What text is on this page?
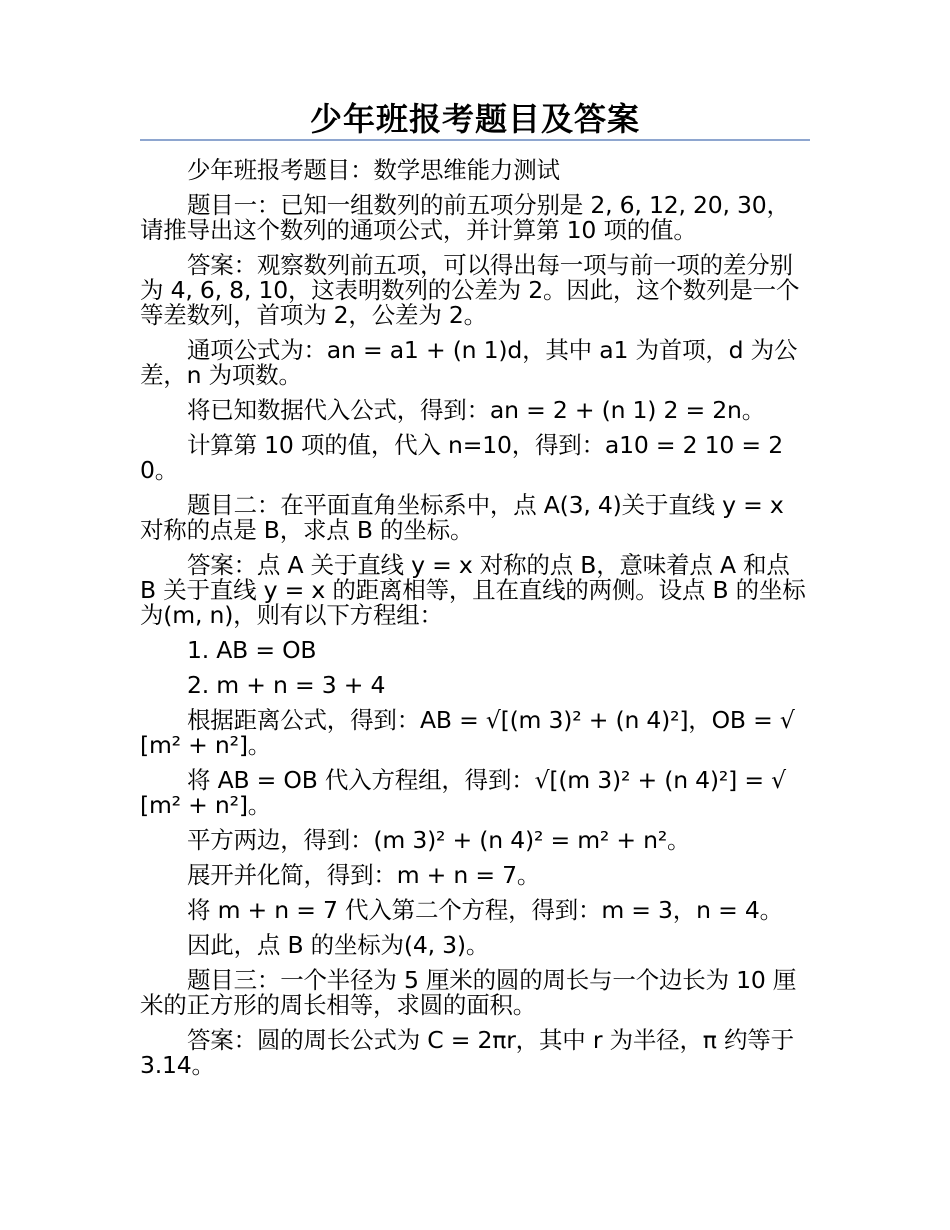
少年班报考题目及答案

少年班报考题目：数学思维能力测试

题目一：已知一组数列的前五项分别是 2, 6, 12, 20, 30，请推导出这个数列的通项公式，并计算第 10 项的值。

答案：观察数列前五项，可以得出每一项与前一项的差分别为 4, 6, 8, 10，这表明数列的公差为 2。因此，这个数列是一个等差数列，首项为 2，公差为 2。

通项公式为：an = a1 + (n 1)d，其中 a1 为首项，d 为公差，n 为项数。

将已知数据代入公式，得到：an = 2 + (n 1) 2 = 2n。

计算第 10 项的值，代入 n=10，得到：a10 = 2 10 = 20。

题目二：在平面直角坐标系中，点 A(3, 4)关于直线 y = x 对称的点是 B，求点 B 的坐标。

答案：点 A 关于直线 y = x 对称的点 B，意味着点 A 和点 B 关于直线 y = x 的距离相等，且在直线的两侧。设点 B 的坐标为(m, n)，则有以下方程组：

1. AB = OB

2. m + n = 3 + 4

根据距离公式，得到：AB = √[(m 3)² + (n 4)²]，OB = √[m² + n²]。

将 AB = OB 代入方程组，得到：√[(m 3)² + (n 4)²] = √[m² + n²]。

平方两边，得到：(m 3)² + (n 4)² = m² + n²。

展开并化简，得到：m + n = 7。

将 m + n = 7 代入第二个方程，得到：m = 3，n = 4。

因此，点 B 的坐标为(4, 3)。

题目三：一个半径为 5 厘米的圆的周长与一个边长为 10 厘米的正方形的周长相等，求圆的面积。

答案：圆的周长公式为 C = 2πr，其中 r 为半径，π 约等于 3.14。
